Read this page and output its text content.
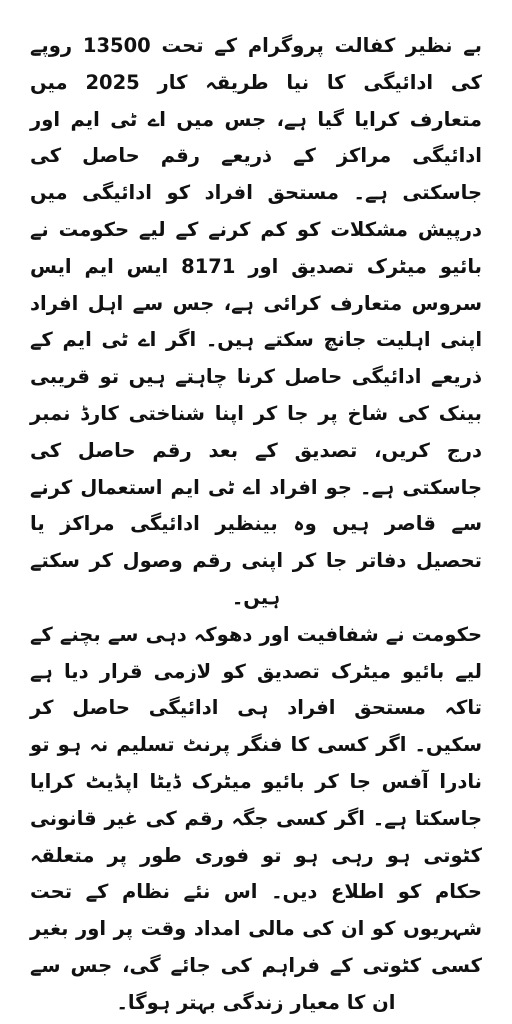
بے نظیر کفالت پروگرام کے تحت 13500 روپے کی ادائیگی کا نیا طریقہ کار 2025 میں متعارف کرایا گیا ہے، جس میں اے ٹی ایم اور ادائیگی مراکز کے ذریعے رقم حاصل کی جاسکتی ہے۔ مستحق افراد کو ادائیگی میں درپیش مشکلات کو کم کرنے کے لیے حکومت نے بائیو میٹرک تصدیق اور 8171 ایس ایم ایس سروس متعارف کرائی ہے، جس سے اہل افراد اپنی اہلیت جانچ سکتے ہیں۔ اگر اے ٹی ایم کے ذریعے ادائیگی حاصل کرنا چاہتے ہیں تو قریبی بینک کی شاخ پر جا کر اپنا شناختی کارڈ نمبر درج کریں، تصدیق کے بعد رقم حاصل کی جاسکتی ہے۔ جو افراد اے ٹی ایم استعمال کرنے سے قاصر ہیں وہ بینظیر ادائیگی مراکز یا تحصیل دفاتر جا کر اپنی رقم وصول کر سکتے ہیں۔

حکومت نے شفافیت اور دھوکہ دہی سے بچنے کے لیے بائیو میٹرک تصدیق کو لازمی قرار دیا ہے تاکہ مستحق افراد ہی ادائیگی حاصل کر سکیں۔ اگر کسی کا فنگر پرنٹ تسلیم نہ ہو تو نادرا آفس جا کر بائیو میٹرک ڈیٹا اپڈیٹ کرایا جاسکتا ہے۔ اگر کسی جگہ رقم کی غیر قانونی کٹوتی ہو رہی ہو تو فوری طور پر متعلقہ حکام کو اطلاع دیں۔ اس نئے نظام کے تحت شہریوں کو ان کی مالی امداد وقت پر اور بغیر کسی کٹوتی کے فراہم کی جائے گی، جس سے ان کا معیار زندگی بہتر ہوگا۔
